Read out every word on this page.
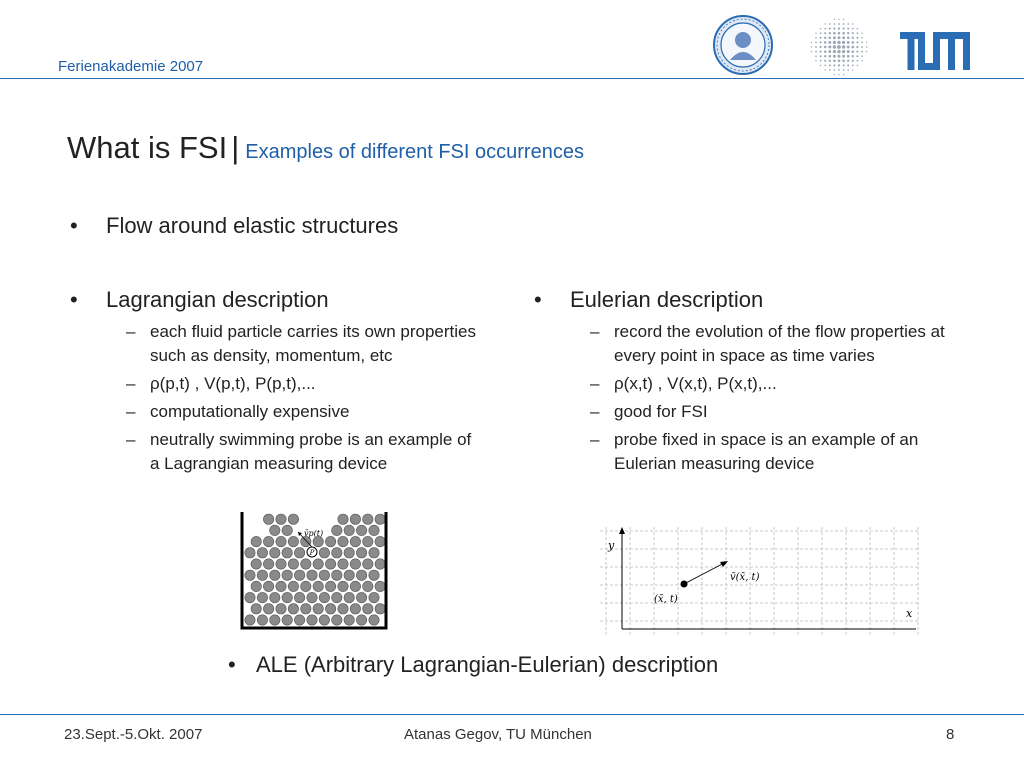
Ferienakademie 2007
What is FSI | Examples of different FSI occurrences
• Flow around elastic structures
• Lagrangian description
– each fluid particle carries its own properties such as density, momentum, etc
– ρ(p,t) , V(p,t), P(p,t),...
– computationally expensive
– neutrally swimming probe is an example of a Lagrangian measuring device
• Eulerian description
– record the evolution of the flow properties at every point in space as time varies
– ρ(x,t) , V(x,t), P(x,t),...
– good for FSI
– probe fixed in space is an example of an Eulerian measuring device
P
v̄p(t)
y
x
v̄(x̄, t)
(x̄, t)
• ALE (Arbitrary Lagrangian-Eulerian) description
23.Sept.-5.Okt. 2007	Atanas Gegov, TU München	8
